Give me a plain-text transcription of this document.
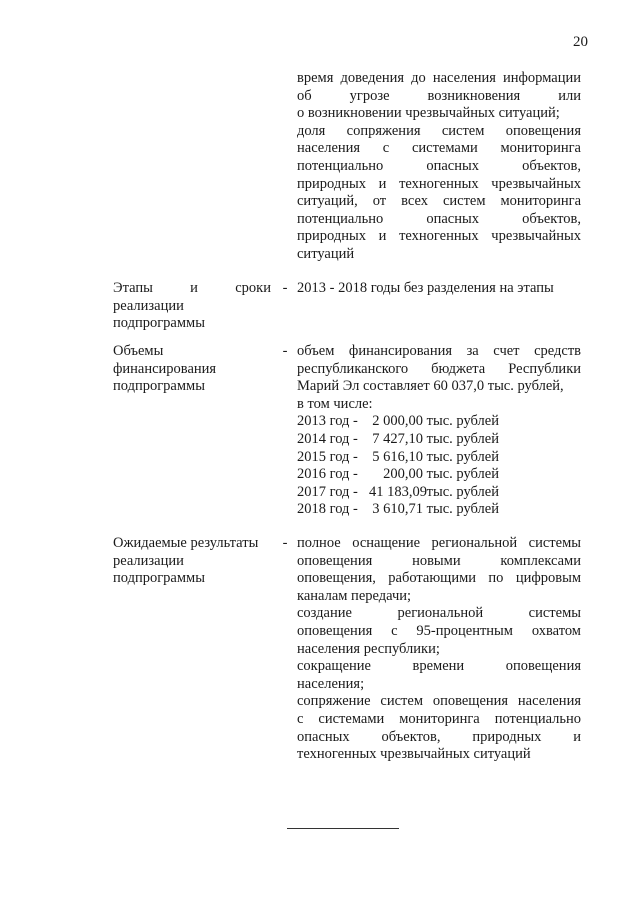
20
время доведения до населения информации
об угрозе возникновения или
о возникновении чрезвычайных ситуаций;
доля сопряжения систем оповещения
населения с системами мониторинга
потенциально опасных объектов,
природных и техногенных чрезвычайных
ситуаций, от всех систем мониторинга
потенциально опасных объектов,
природных и техногенных чрезвычайных
ситуаций
Этапы и сроки
реализации
подпрограммы
- 2013 - 2018 годы без разделения на этапы
Объемы
финансирования
подпрограммы
- объем финансирования за счет средств
республиканского бюджета Республики
Марий Эл составляет 60 037,0 тыс. рублей,
в том числе:
2013 год - 2 000,00 тыс. рублей
2014 год - 7 427,10 тыс. рублей
2015 год - 5 616,10 тыс. рублей
2016 год - 200,00 тыс. рублей
2017 год - 41 183,09 тыс. рублей
2018 год - 3 610,71 тыс. рублей
Ожидаемые результаты
реализации
подпрограммы
- полное оснащение региональной системы
оповещения новыми комплексами
оповещения, работающими по цифровым
каналам передачи;
создание региональной системы
оповещения с 95-процентным охватом
населения республики;
сокращение времени оповещения
населения;
сопряжение систем оповещения населения
с системами мониторинга потенциально
опасных объектов, природных и
техногенных чрезвычайных ситуаций
